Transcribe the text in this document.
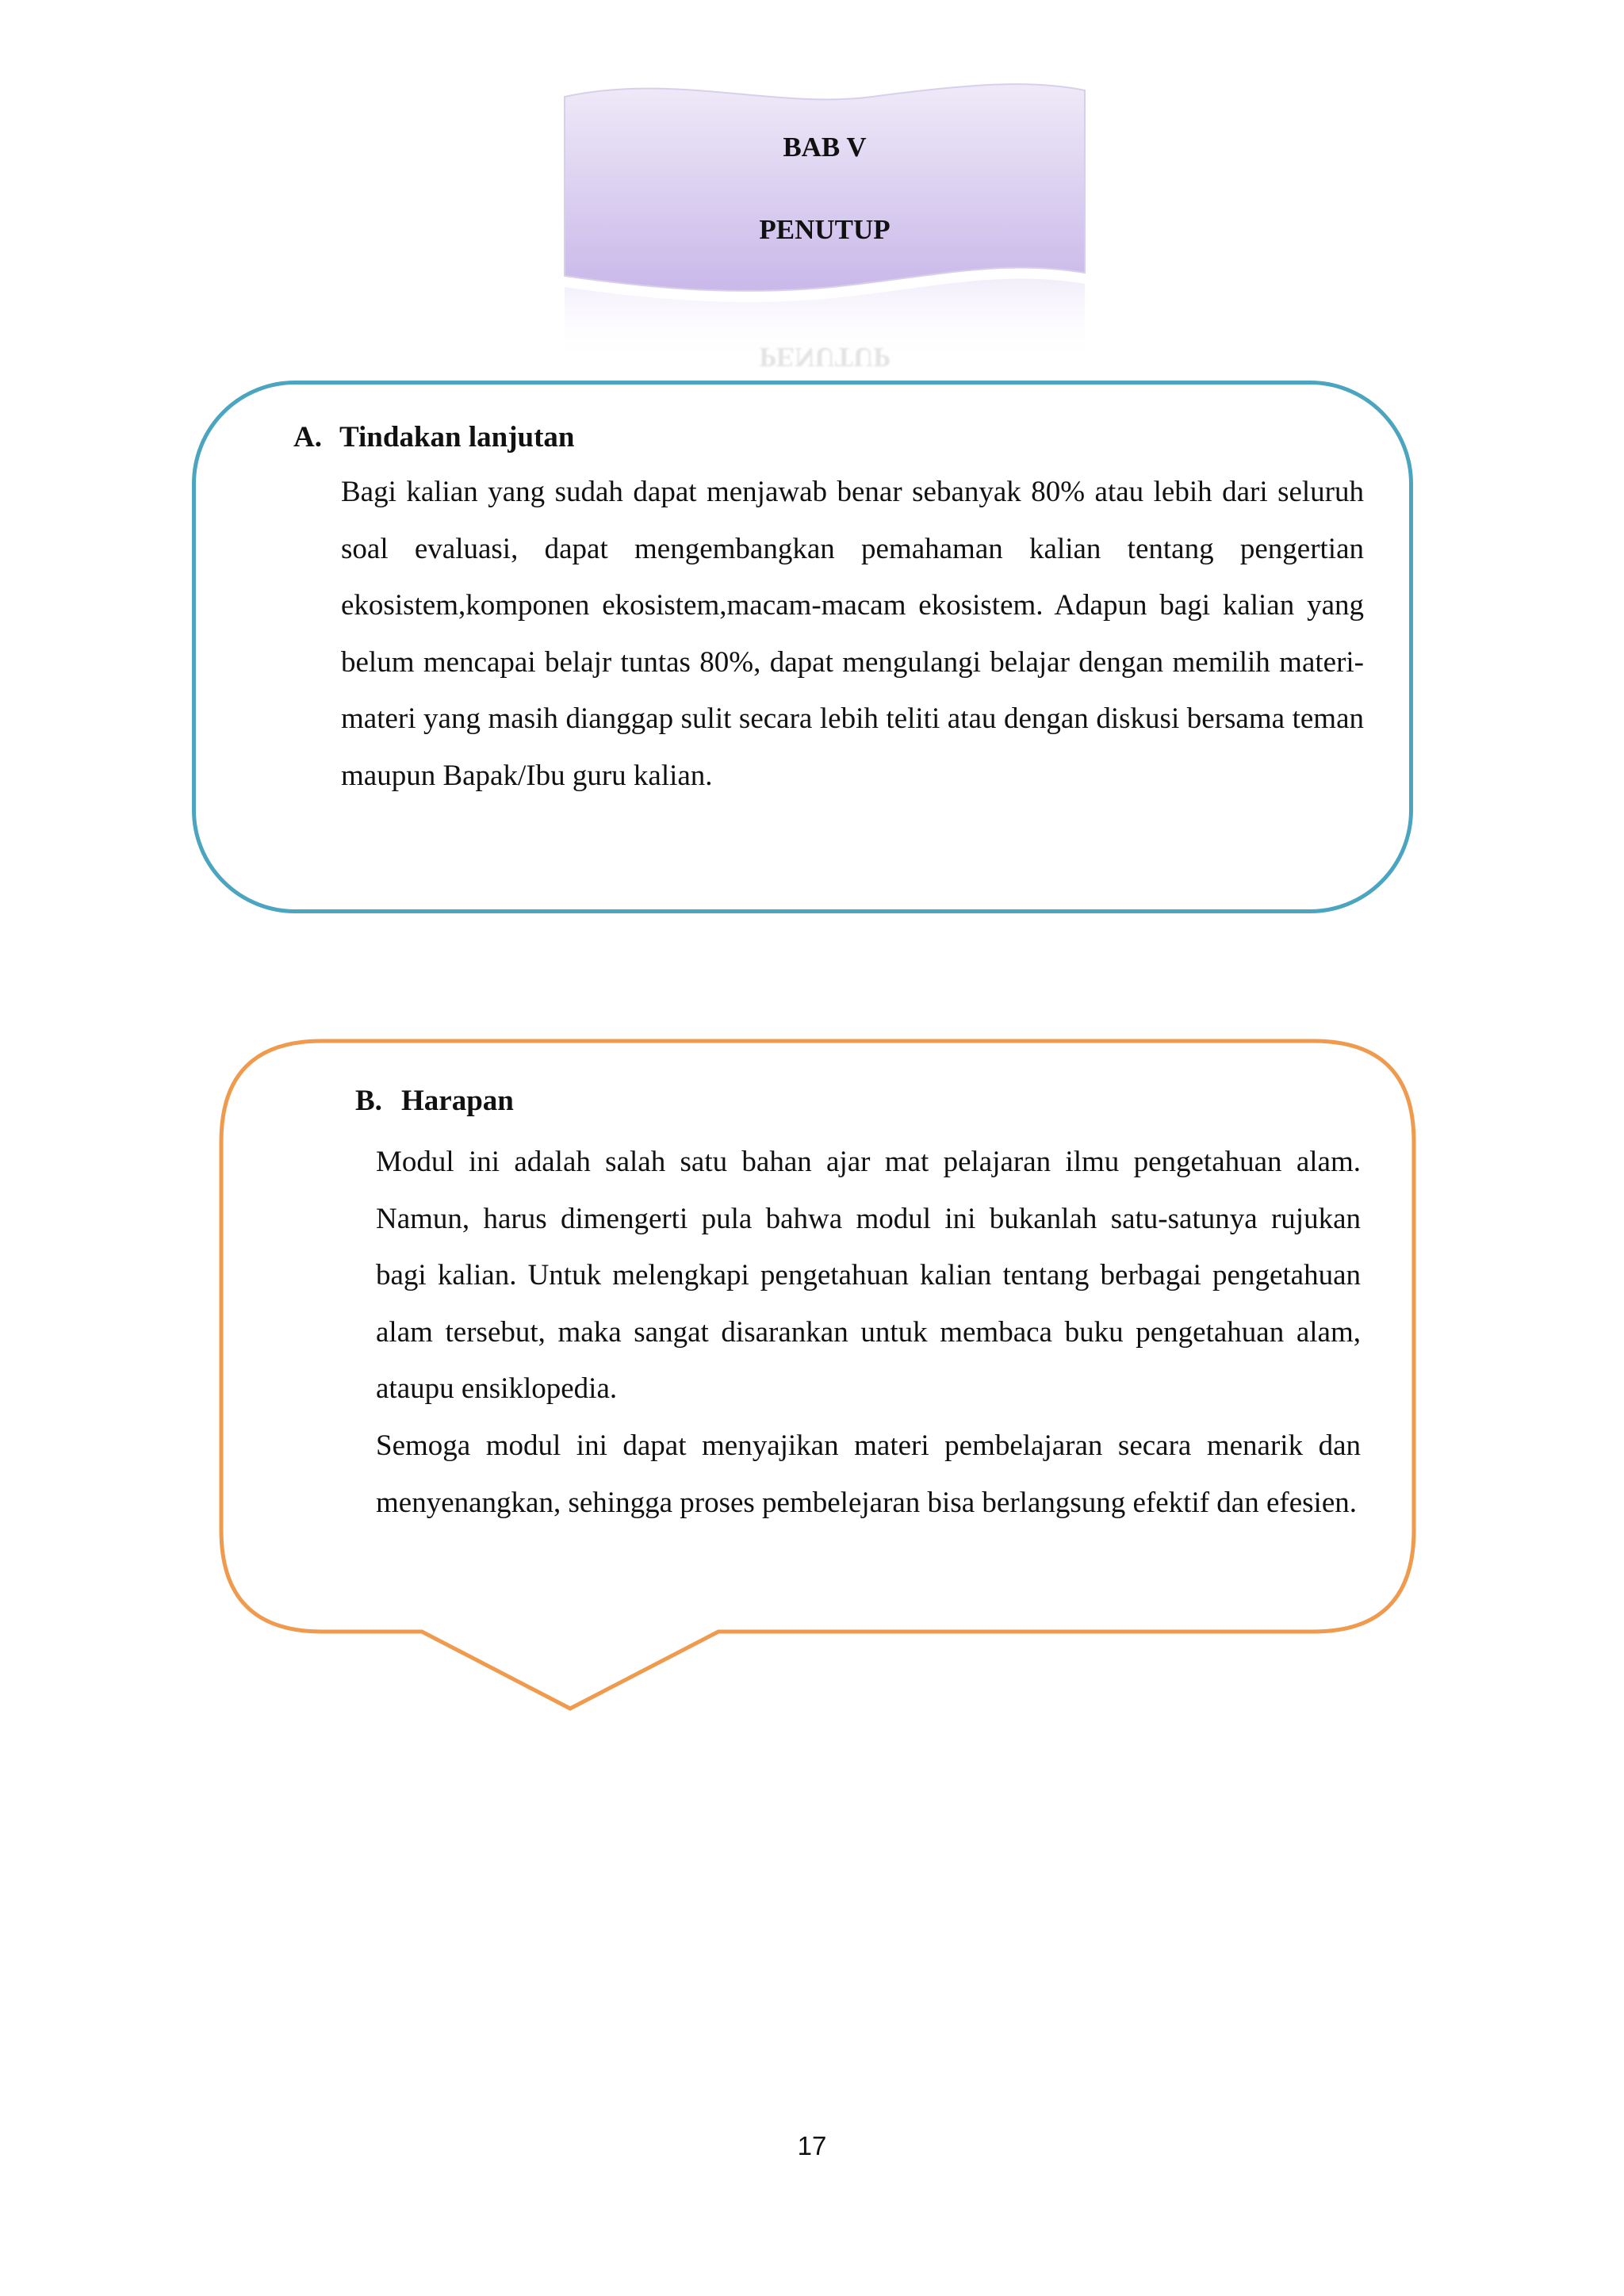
BAB V
PENUTUP
PENUTUP
A. Tindakan lanjutan

Bagi kalian yang sudah dapat menjawab benar sebanyak 80% atau lebih dari seluruh soal evaluasi, dapat mengembangkan pemahaman kalian tentang pengertian ekosistem,komponen ekosistem,macam-macam ekosistem. Adapun bagi kalian yang belum mencapai belajr tuntas 80%, dapat mengulangi belajar dengan memilih materi-materi yang masih dianggap sulit secara lebih teliti atau dengan diskusi bersama teman maupun Bapak/Ibu guru kalian.

B. Harapan

Modul ini adalah salah satu bahan ajar mat pelajaran ilmu pengetahuan alam. Namun, harus dimengerti pula bahwa modul ini bukanlah satu-satunya rujukan bagi kalian. Untuk melengkapi pengetahuan kalian tentang berbagai pengetahuan alam tersebut, maka sangat disarankan untuk membaca buku pengetahuan alam, ataupu ensiklopedia.

Semoga modul ini dapat menyajikan materi pembelajaran secara menarik dan menyenangkan, sehingga proses pembelejaran bisa berlangsung efektif dan efesien.

17
